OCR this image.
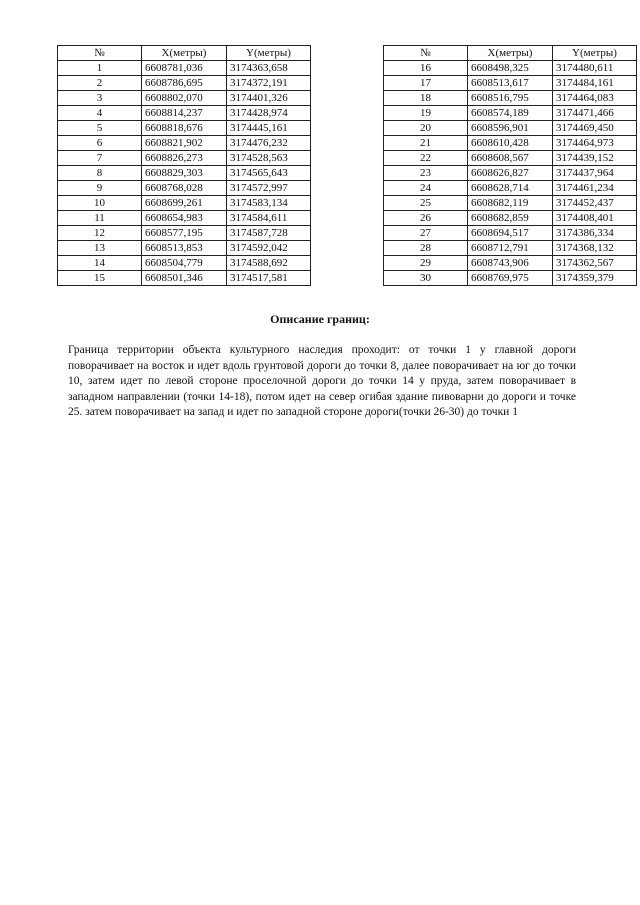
№	X(метры)	Y(метры)
1	6608781,036	3174363,658
2	6608786,695	3174372,191
3	6608802,070	3174401,326
4	6608814,237	3174428,974
5	6608818,676	3174445,161
6	6608821,902	3174476,232
7	6608826,273	3174528,563
8	6608829,303	3174565,643
9	6608768,028	3174572,997
10	6608699,261	3174583,134
11	6608654,983	3174584,611
12	6608577,195	3174587,728
13	6608513,853	3174592,042
14	6608504,779	3174588,692
15	6608501,346	3174517,581
№	X(метры)	Y(метры)
16	6608498,325	3174480,611
17	6608513,617	3174484,161
18	6608516,795	3174464,083
19	6608574,189	3174471,466
20	6608596,901	3174469,450
21	6608610,428	3174464,973
22	6608608,567	3174439,152
23	6608626,827	3174437,964
24	6608628,714	3174461,234
25	6608682,119	3174452,437
26	6608682,859	3174408,401
27	6608694,517	3174386,334
28	6608712,791	3174368,132
29	6608743,906	3174362,567
30	6608769,975	3174359,379
Описание границ:

Граница территории объекта культурного наследия проходит: от точки 1 у главной дороги поворачивает на восток и идет вдоль грунтовой дороги до точки 8, далее поворачивает на юг до точки 10, затем идет по левой стороне проселочной дороги до точки 14 у пруда, затем поворачивает в западном направлении (точки 14-18), потом идет на север огибая здание пивоварни до дороги и точке 25. затем поворачивает на запад и идет по западной стороне дороги(точки 26-30) до точки 1
